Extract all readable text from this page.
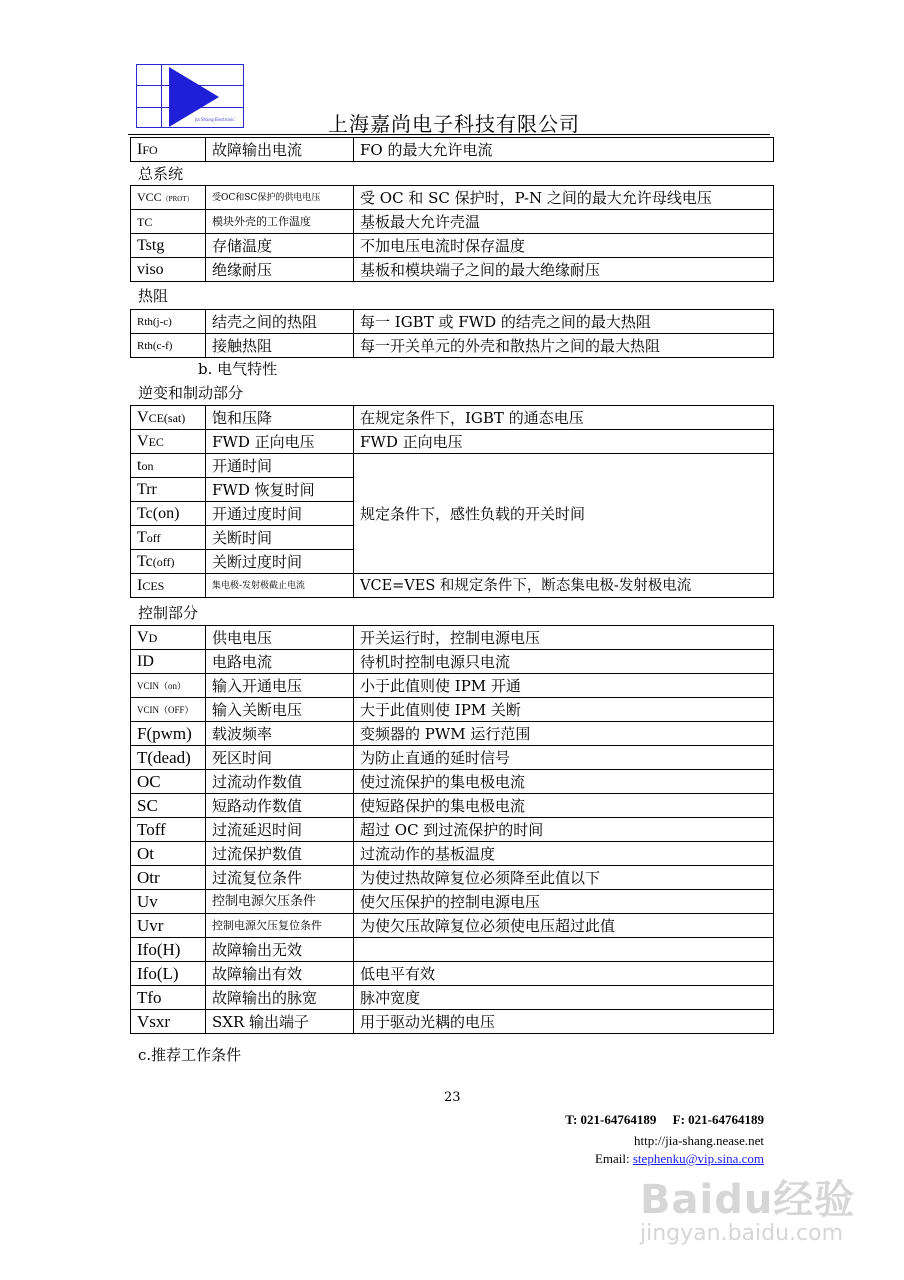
Jia Shang Electronic	上海嘉尚电子科技有限公司
IFO	故障输出电流	FO 的最大允许电流
总系统
VCC（PROT）	受OC和SC保护的供电电压	受 OC 和 SC 保护时，P-N 之间的最大允许母线电压
TC	模块外壳的工作温度	基板最大允许壳温
Tstg	存储温度	不加电压电流时保存温度
viso	绝缘耐压	基板和模块端子之间的最大绝缘耐压
热阻
Rth(j-c)	结壳之间的热阻	每一 IGBT 或 FWD 的结壳之间的最大热阻
Rth(c-f)	接触热阻	每一开关单元的外壳和散热片之间的最大热阻
b. 电气特性
逆变和制动部分
VCE(sat)	饱和压降	在规定条件下，IGBT 的通态电压
VEC	FWD 正向电压	FWD 正向电压
ton	开通时间	规定条件下，感性负载的开关时间
Trr	FWD 恢复时间	
Tc(on)	开通过度时间	
Toff	关断时间	
Tc(off)	关断过度时间	
ICES	集电极-发射极截止电流	VCE=VES 和规定条件下，断态集电极-发射极电流
控制部分
VD	供电电压	开关运行时，控制电源电压
ID	电路电流	待机时控制电源只电流
VCIN（on）	输入开通电压	小于此值则使 IPM 开通
VCIN（OFF）	输入关断电压	大于此值则使 IPM 关断
F(pwm)	载波频率	变频器的 PWM 运行范围
T(dead)	死区时间	为防止直通的延时信号
OC	过流动作数值	使过流保护的集电极电流
SC	短路动作数值	使短路保护的集电极电流
Toff	过流延迟时间	超过 OC 到过流保护的时间
Ot	过流保护数值	过流动作的基板温度
Otr	过流复位条件	为使过热故障复位必须降至此值以下
Uv	控制电源欠压条件	使欠压保护的控制电源电压
Uvr	控制电源欠压复位条件	为使欠压故障复位必须使电压超过此值
Ifo(H)	故障输出无效	
Ifo(L)	故障输出有效	低电平有效
Tfo	故障输出的脉宽	脉冲宽度
Vsxr	SXR 输出端子	用于驱动光耦的电压
c.推荐工作条件
23
T: 021-64764189 F: 021-64764189
http://jia-shang.nease.net
Email: stephenku@vip.sina.com
Baidu经验
jingyan.baidu.com
